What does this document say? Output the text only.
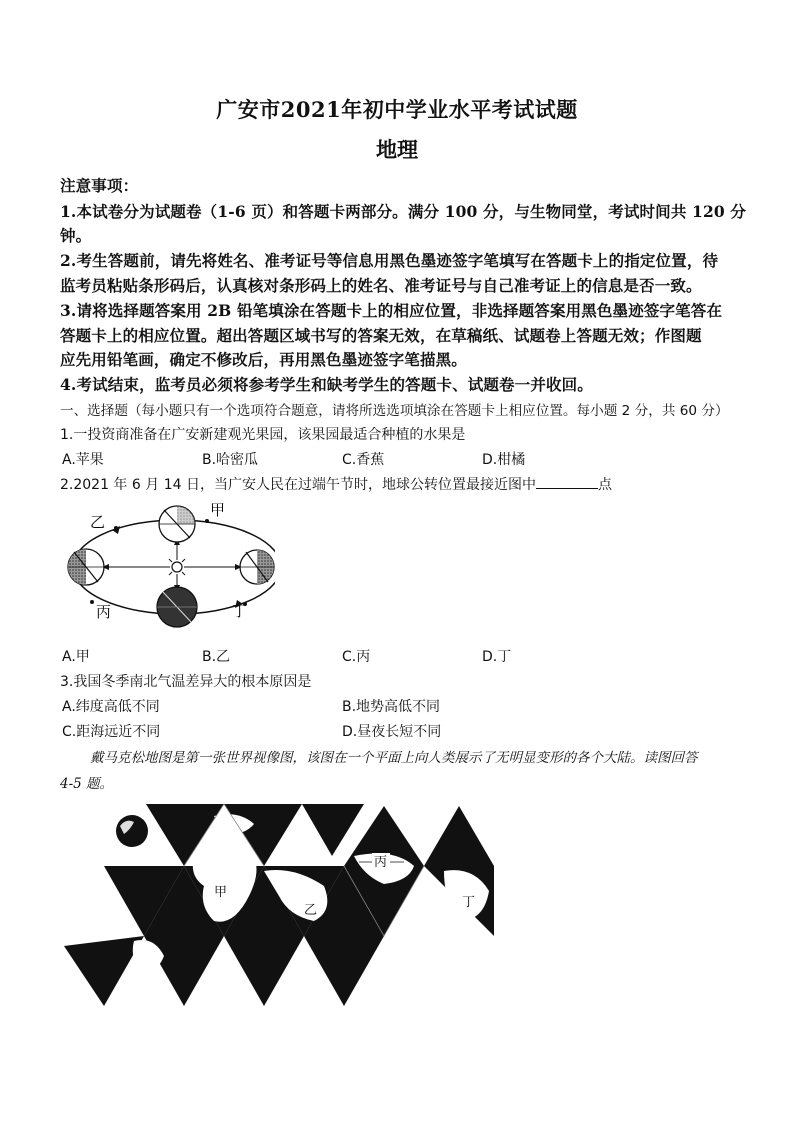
广安市2021年初中学业水平考试试题
地理
注意事项：
1.本试卷分为试题卷（1-6 页）和答题卡两部分。满分 100 分，与生物同堂，考试时间共 120 分
钟。
2.考生答题前，请先将姓名、准考证号等信息用黑色墨迹签字笔填写在答题卡上的指定位置，待
监考员粘贴条形码后，认真核对条形码上的姓名、准考证号与自己准考证上的信息是否一致。
3.请将选择题答案用 2B 铅笔填涂在答题卡上的相应位置，非选择题答案用黑色墨迹签字笔答在
答题卡上的相应位置。超出答题区域书写的答案无效，在草稿纸、试题卷上答题无效；作图题
应先用铅笔画，确定不修改后，再用黑色墨迹签字笔描黑。
4.考试结束，监考员必须将参考学生和缺考学生的答题卡、试题卷一并收回。
一、选择题（每小题只有一个选项符合题意，请将所选选项填涂在答题卡上相应位置。每小题 2 分，共 60 分）
1.一投资商准备在广安新建观光果园，该果园最适合种植的水果是
A.苹果	B.哈密瓜	C.香蕉	D.柑橘
2.2021 年 6 月 14 日，当广安人民在过端午节时，地球公转位置最接近图中	点
甲
乙
丙	丁
A.甲	B.乙	C.丙	D.丁
3.我国冬季南北气温差异大的根本原因是
A.纬度高低不同	B.地势高低不同
C.距海远近不同	D.昼夜长短不同
戴马克松地图是第一张世界视像图，该图在一个平面上向人类展示了无明显变形的各个大陆。读图回答
4-5 题。
甲
乙
丙
丁
